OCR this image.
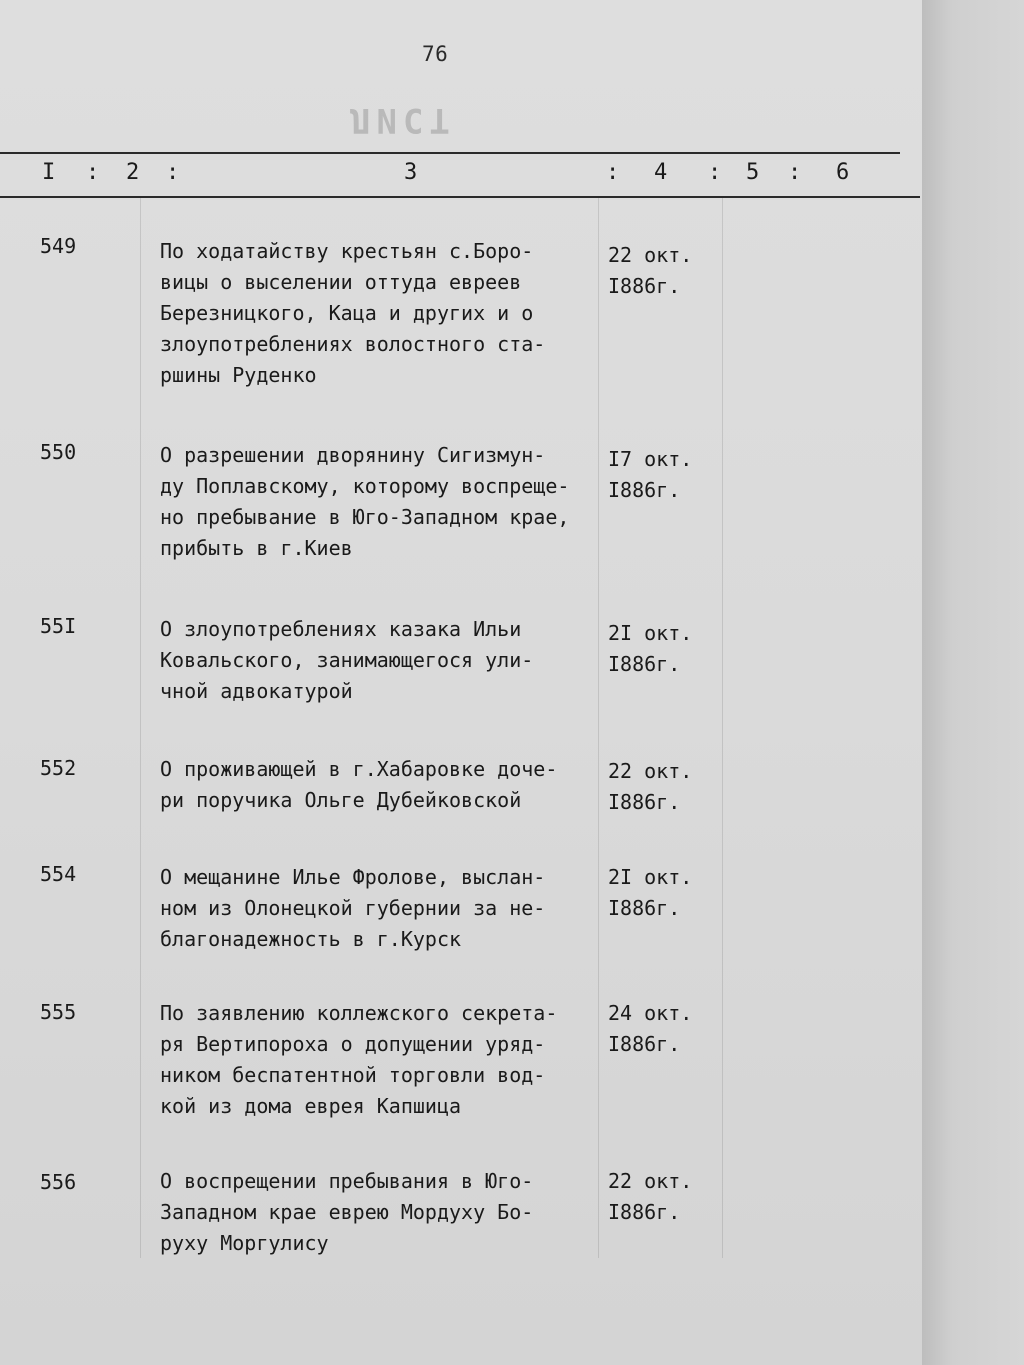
ЛИСТ
76
I : 2 :	3	: 4 : 5 : 6
549	По ходатайству крестьян с.Боро-
вицы о выселении оттуда евреев
Березницкого, Каца и других и о
злоупотреблениях волостного ста-
ршины Руденко
22 окт.
I886г.
550	О разрешении дворянину Сигизмун-
ду Поплавскому, которому воспреще-
но пребывание в Юго-Западном крае,
прибыть в г.Киев
I7 окт.
I886г.
55I	О злоупотреблениях казака Ильи
Ковальского, занимающегося ули-
чной адвокатурой
2I окт.
I886г.
552	О проживающей в г.Хабаровке доче-
ри поручика Ольге Дубейковской
22 окт.
I886г.
554	О мещанине Илье Фролове, выслан-
ном из Олонецкой губернии за не-
благонадежность в г.Курск
2I окт.
I886г.
555	По заявлению коллежского секрета-
ря Вертипороха о допущении уряд-
ником беспатентной торговли вод-
кой из дома еврея Капшица
24 окт.
I886г.
556	О воспрещении пребывания в Юго-
Западном крае еврею Мордуху Бо-
руху Моргулису
22 окт.
I886г.
